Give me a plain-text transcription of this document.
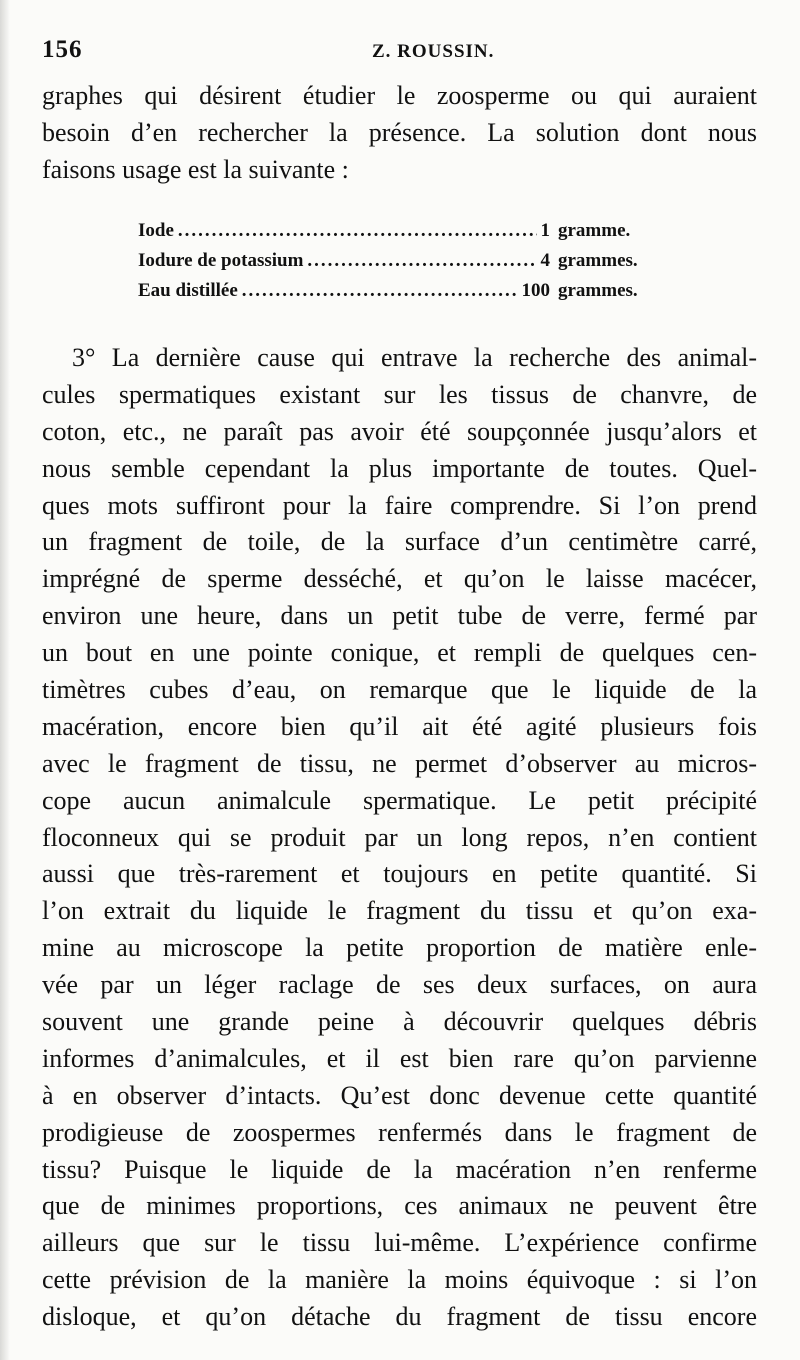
156	Z. ROUSSIN.
graphes qui désirent étudier le zoosperme ou qui auraient
besoin d’en rechercher la présence. La solution dont nous
faisons usage est la suivante :
Iode .....	1 gramme.
Iodure de potassium .....	4 grammes.
Eau distillée .....	100 grammes.
3° La dernière cause qui entrave la recherche des animal-
cules spermatiques existant sur les tissus de chanvre, de
coton, etc., ne paraît pas avoir été soupçonnée jusqu’alors et
nous semble cependant la plus importante de toutes. Quel-
ques mots suffiront pour la faire comprendre. Si l’on prend
un fragment de toile, de la surface d’un centimètre carré,
imprégné de sperme desséché, et qu’on le laisse macécer,
environ une heure, dans un petit tube de verre, fermé par
un bout en une pointe conique, et rempli de quelques cen-
timètres cubes d’eau, on remarque que le liquide de la
macération, encore bien qu’il ait été agité plusieurs fois
avec le fragment de tissu, ne permet d’observer au micros-
cope aucun animalcule spermatique. Le petit précipité
floconneux qui se produit par un long repos, n’en contient
aussi que très-rarement et toujours en petite quantité. Si
l’on extrait du liquide le fragment du tissu et qu’on exa-
mine au microscope la petite proportion de matière enle-
vée par un léger raclage de ses deux surfaces, on aura
souvent une grande peine à découvrir quelques débris
informes d’animalcules, et il est bien rare qu’on parvienne
à en observer d’intacts. Qu’est donc devenue cette quantité
prodigieuse de zoospermes renfermés dans le fragment de
tissu? Puisque le liquide de la macération n’en renferme
que de minimes proportions, ces animaux ne peuvent être
ailleurs que sur le tissu lui-même. L’expérience confirme
cette prévision de la manière la moins équivoque : si l’on
disloque, et qu’on détache du fragment de tissu encore
